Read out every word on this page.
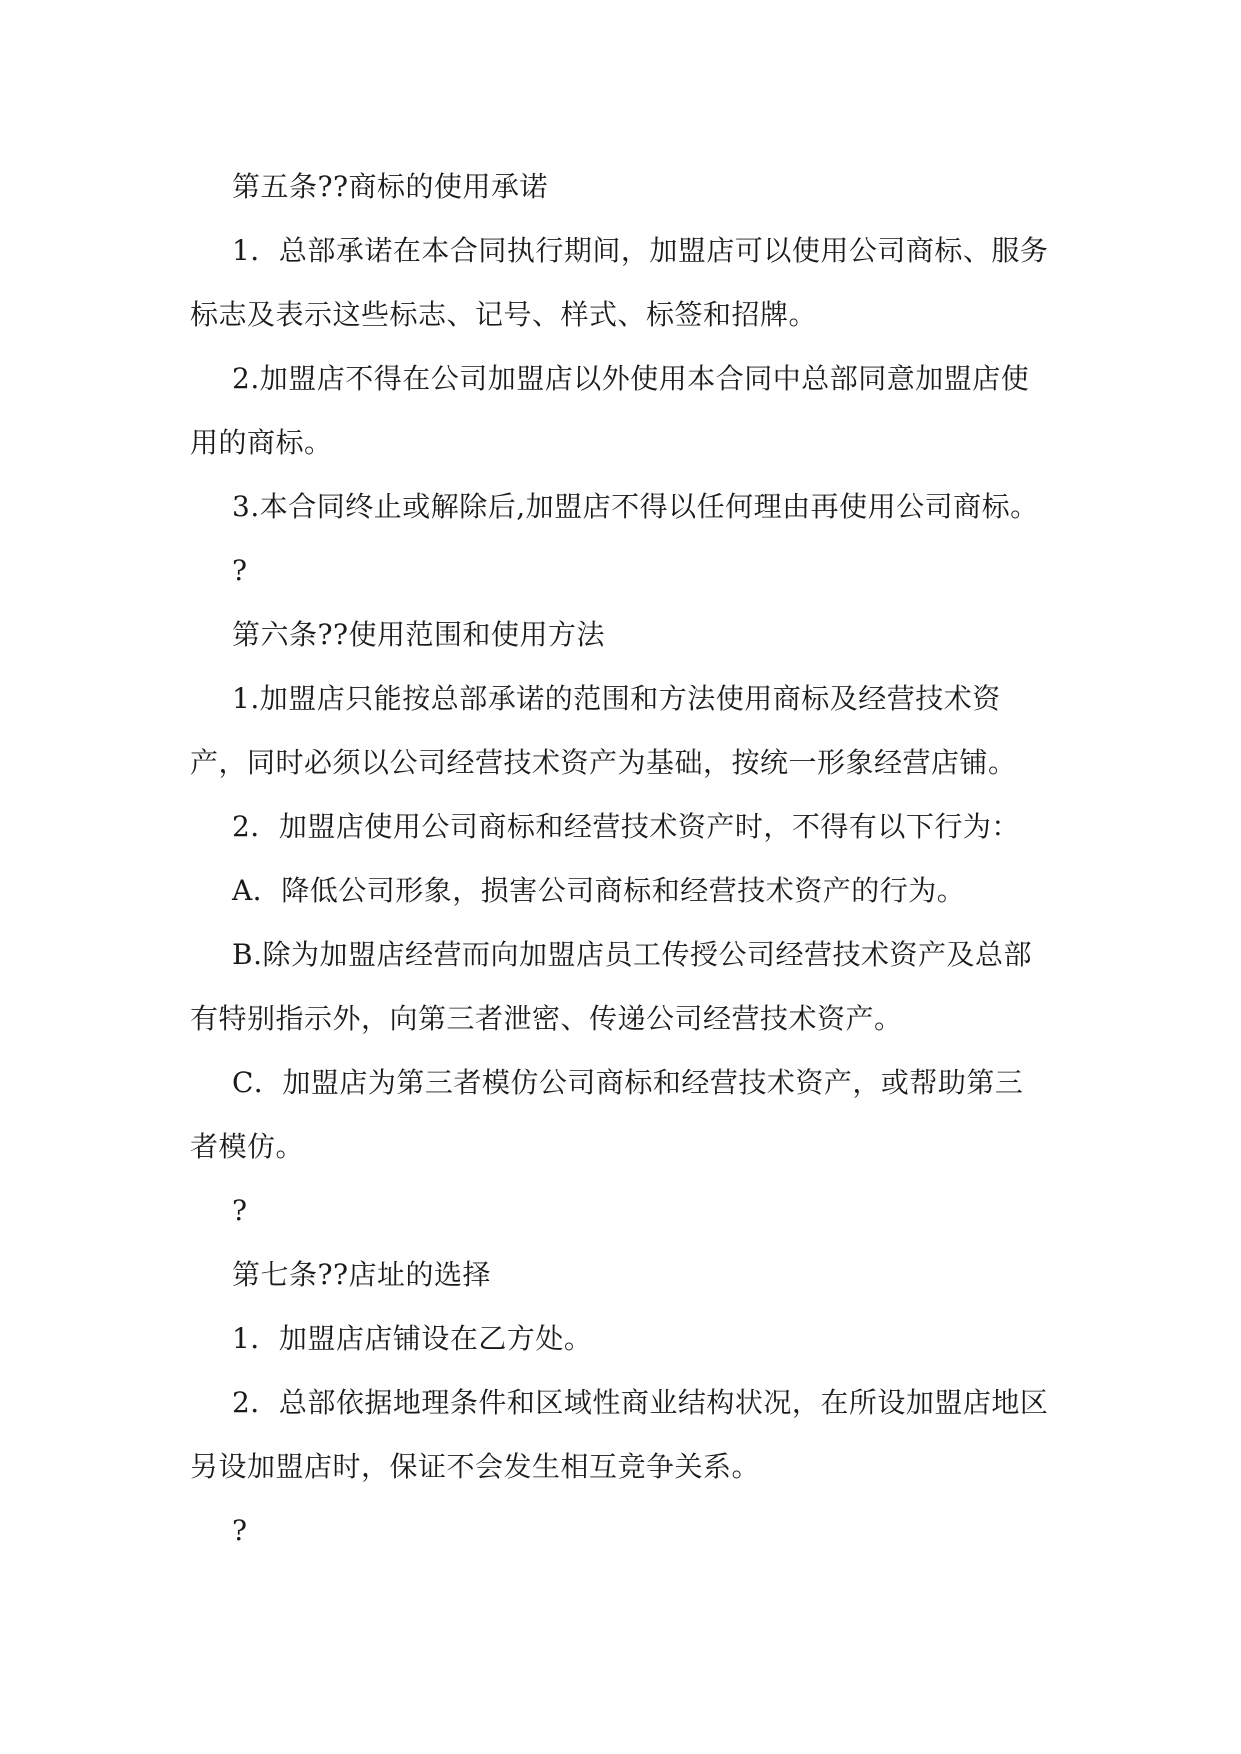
第五条??商标的使用承诺

1．总部承诺在本合同执行期间，加盟店可以使用公司商标、服务标志及表示这些标志、记号、样式、标签和招牌。

2.加盟店不得在公司加盟店以外使用本合同中总部同意加盟店使用的商标。

3.本合同终止或解除后,加盟店不得以任何理由再使用公司商标。

?

第六条??使用范围和使用方法

1.加盟店只能按总部承诺的范围和方法使用商标及经营技术资产，同时必须以公司经营技术资产为基础，按统一形象经营店铺。

2．加盟店使用公司商标和经营技术资产时，不得有以下行为：

A．降低公司形象，损害公司商标和经营技术资产的行为。

B.除为加盟店经营而向加盟店员工传授公司经营技术资产及总部有特别指示外，向第三者泄密、传递公司经营技术资产。

C．加盟店为第三者模仿公司商标和经营技术资产，或帮助第三者模仿。

?

第七条??店址的选择

1．加盟店店铺设在乙方处。

2．总部依据地理条件和区域性商业结构状况，在所设加盟店地区另设加盟店时，保证不会发生相互竞争关系。

?
